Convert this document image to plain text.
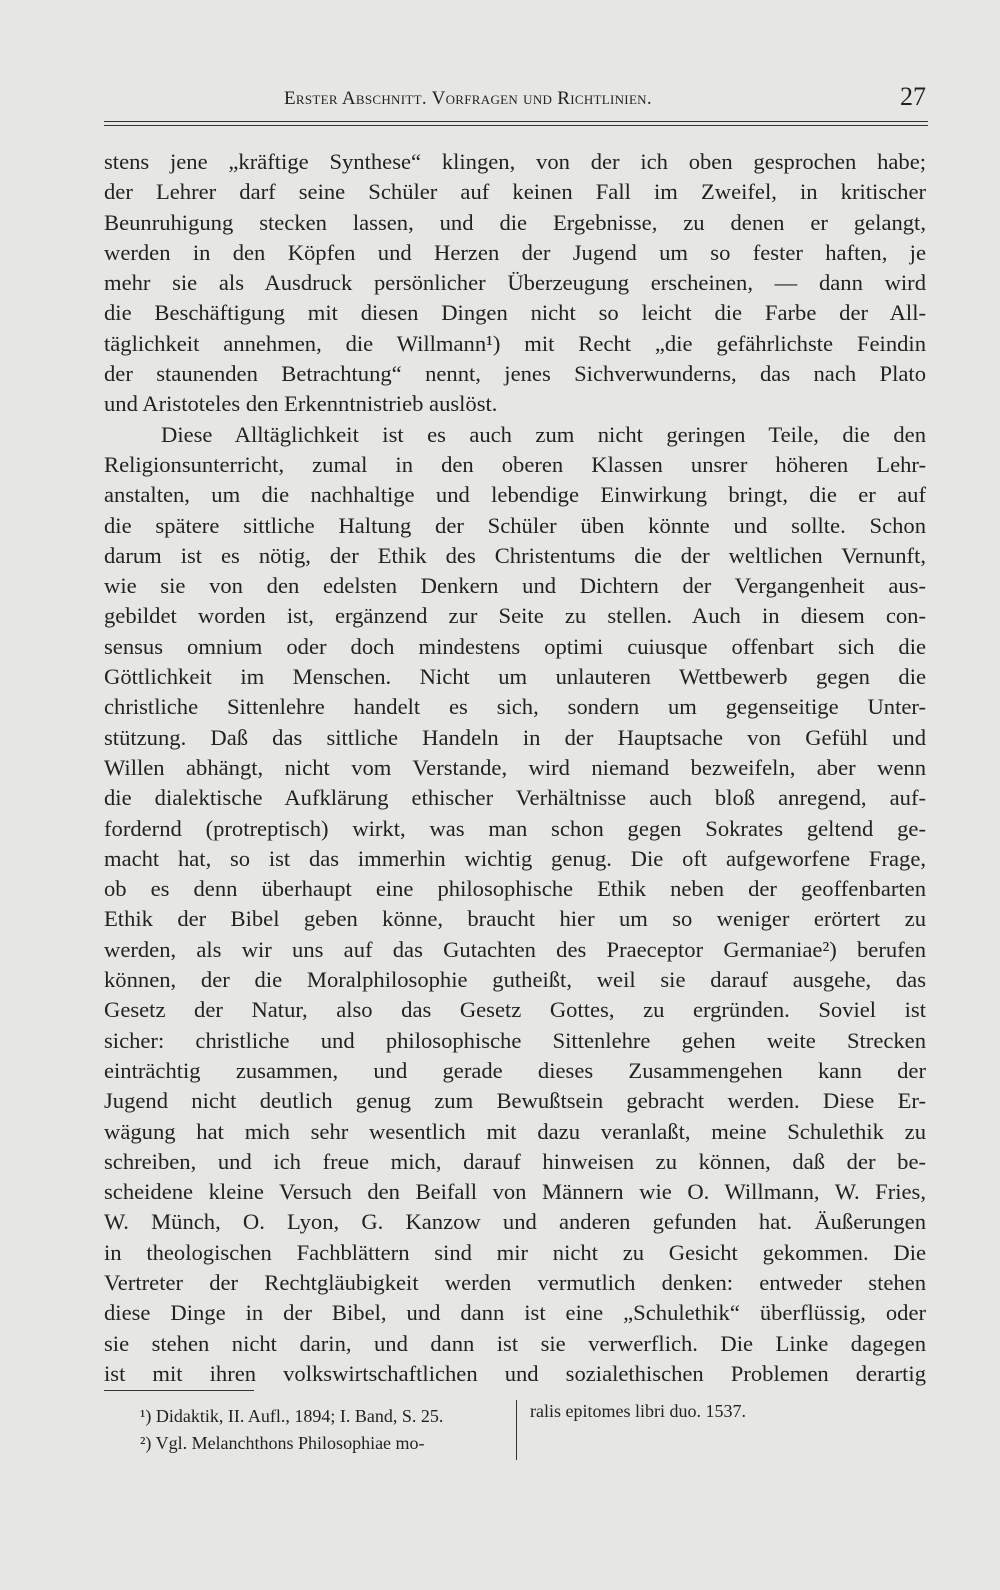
Erster Abschnitt. Vorfragen und Richtlinien.	27
stens jene „kräftige Synthese“ klingen, von der ich oben gesprochen habe;
der Lehrer darf seine Schüler auf keinen Fall im Zweifel, in kritischer
Beunruhigung stecken lassen, und die Ergebnisse, zu denen er gelangt,
werden in den Köpfen und Herzen der Jugend um so fester haften, je
mehr sie als Ausdruck persönlicher Überzeugung erscheinen, — dann wird
die Beschäftigung mit diesen Dingen nicht so leicht die Farbe der All-
täglichkeit annehmen, die Willmann¹) mit Recht „die gefährlichste Feindin
der staunenden Betrachtung“ nennt, jenes Sichverwunderns, das nach Plato
und Aristoteles den Erkenntnistrieb auslöst.
Diese Alltäglichkeit ist es auch zum nicht geringen Teile, die den
Religionsunterricht, zumal in den oberen Klassen unsrer höheren Lehr-
anstalten, um die nachhaltige und lebendige Einwirkung bringt, die er auf
die spätere sittliche Haltung der Schüler üben könnte und sollte. Schon
darum ist es nötig, der Ethik des Christentums die der weltlichen Vernunft,
wie sie von den edelsten Denkern und Dichtern der Vergangenheit aus-
gebildet worden ist, ergänzend zur Seite zu stellen. Auch in diesem con-
sensus omnium oder doch mindestens optimi cuiusque offenbart sich die
Göttlichkeit im Menschen. Nicht um unlauteren Wettbewerb gegen die
christliche Sittenlehre handelt es sich, sondern um gegenseitige Unter-
stützung. Daß das sittliche Handeln in der Hauptsache von Gefühl und
Willen abhängt, nicht vom Verstande, wird niemand bezweifeln, aber wenn
die dialektische Aufklärung ethischer Verhältnisse auch bloß anregend, auf-
fordernd (protreptisch) wirkt, was man schon gegen Sokrates geltend ge-
macht hat, so ist das immerhin wichtig genug. Die oft aufgeworfene Frage,
ob es denn überhaupt eine philosophische Ethik neben der geoffenbarten
Ethik der Bibel geben könne, braucht hier um so weniger erörtert zu
werden, als wir uns auf das Gutachten des Praeceptor Germaniae²) berufen
können, der die Moralphilosophie gutheißt, weil sie darauf ausgehe, das
Gesetz der Natur, also das Gesetz Gottes, zu ergründen. Soviel ist
sicher: christliche und philosophische Sittenlehre gehen weite Strecken
einträchtig zusammen, und gerade dieses Zusammengehen kann der
Jugend nicht deutlich genug zum Bewußtsein gebracht werden. Diese Er-
wägung hat mich sehr wesentlich mit dazu veranlaßt, meine Schulethik zu
schreiben, und ich freue mich, darauf hinweisen zu können, daß der be-
scheidene kleine Versuch den Beifall von Männern wie O. Willmann, W. Fries,
W. Münch, O. Lyon, G. Kanzow und anderen gefunden hat. Äußerungen
in theologischen Fachblättern sind mir nicht zu Gesicht gekommen. Die
Vertreter der Rechtgläubigkeit werden vermutlich denken: entweder stehen
diese Dinge in der Bibel, und dann ist eine „Schulethik“ überflüssig, oder
sie stehen nicht darin, und dann ist sie verwerflich. Die Linke dagegen
ist mit ihren volkswirtschaftlichen und sozialethischen Problemen derartig
¹) Didaktik, II. Aufl., 1894; I. Band, S. 25.
²) Vgl. Melanchthons Philosophiae mo-
ralis epitomes libri duo. 1537.
